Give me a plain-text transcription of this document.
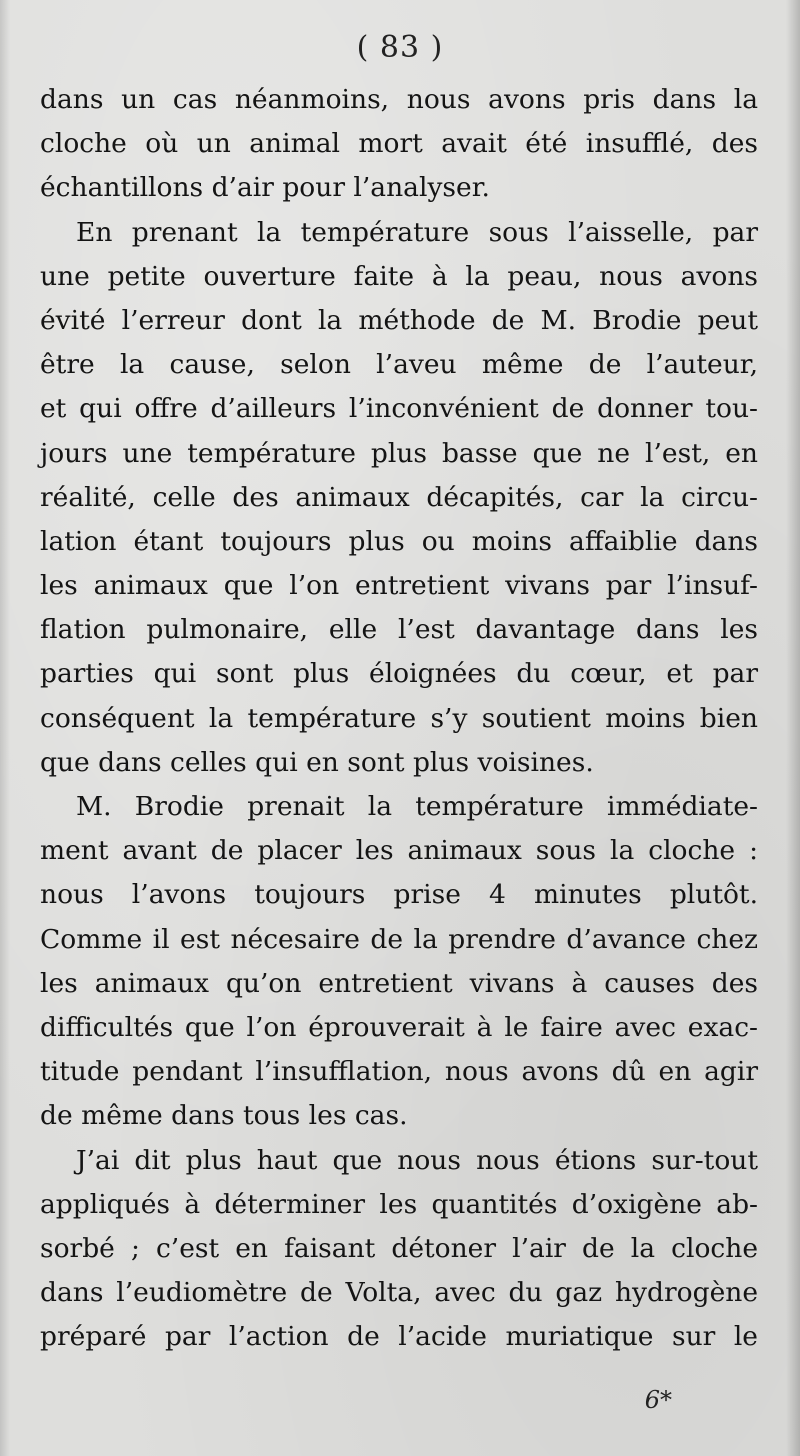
( 83 )
dans un cas néanmoins, nous avons pris dans la
cloche où un animal mort avait été insufflé, des
échantillons d’air pour l’analyser.
En prenant la température sous l’aisselle, par
une petite ouverture faite à la peau, nous avons
évité l’erreur dont la méthode de M. Brodie peut
être la cause, selon l’aveu même de l’auteur,
et qui offre d’ailleurs l’inconvénient de donner tou-
jours une température plus basse que ne l’est, en
réalité, celle des animaux décapités, car la circu-
lation étant toujours plus ou moins affaiblie dans
les animaux que l’on entretient vivans par l’insuf-
flation pulmonaire, elle l’est davantage dans les
parties qui sont plus éloignées du cœur, et par
conséquent la température s’y soutient moins bien
que dans celles qui en sont plus voisines.
M. Brodie prenait la température immédiate-
ment avant de placer les animaux sous la cloche :
nous l’avons toujours prise 4 minutes plutôt.
Comme il est nécesaire de la prendre d’avance chez
les animaux qu’on entretient vivans à causes des
difficultés que l’on éprouverait à le faire avec exac-
titude pendant l’insufflation, nous avons dû en agir
de même dans tous les cas.
J’ai dit plus haut que nous nous étions sur-tout
appliqués à déterminer les quantités d’oxigène ab-
sorbé ; c’est en faisant détoner l’air de la cloche
dans l’eudiomètre de Volta, avec du gaz hydrogène
préparé par l’action de l’acide muriatique sur le
6*
